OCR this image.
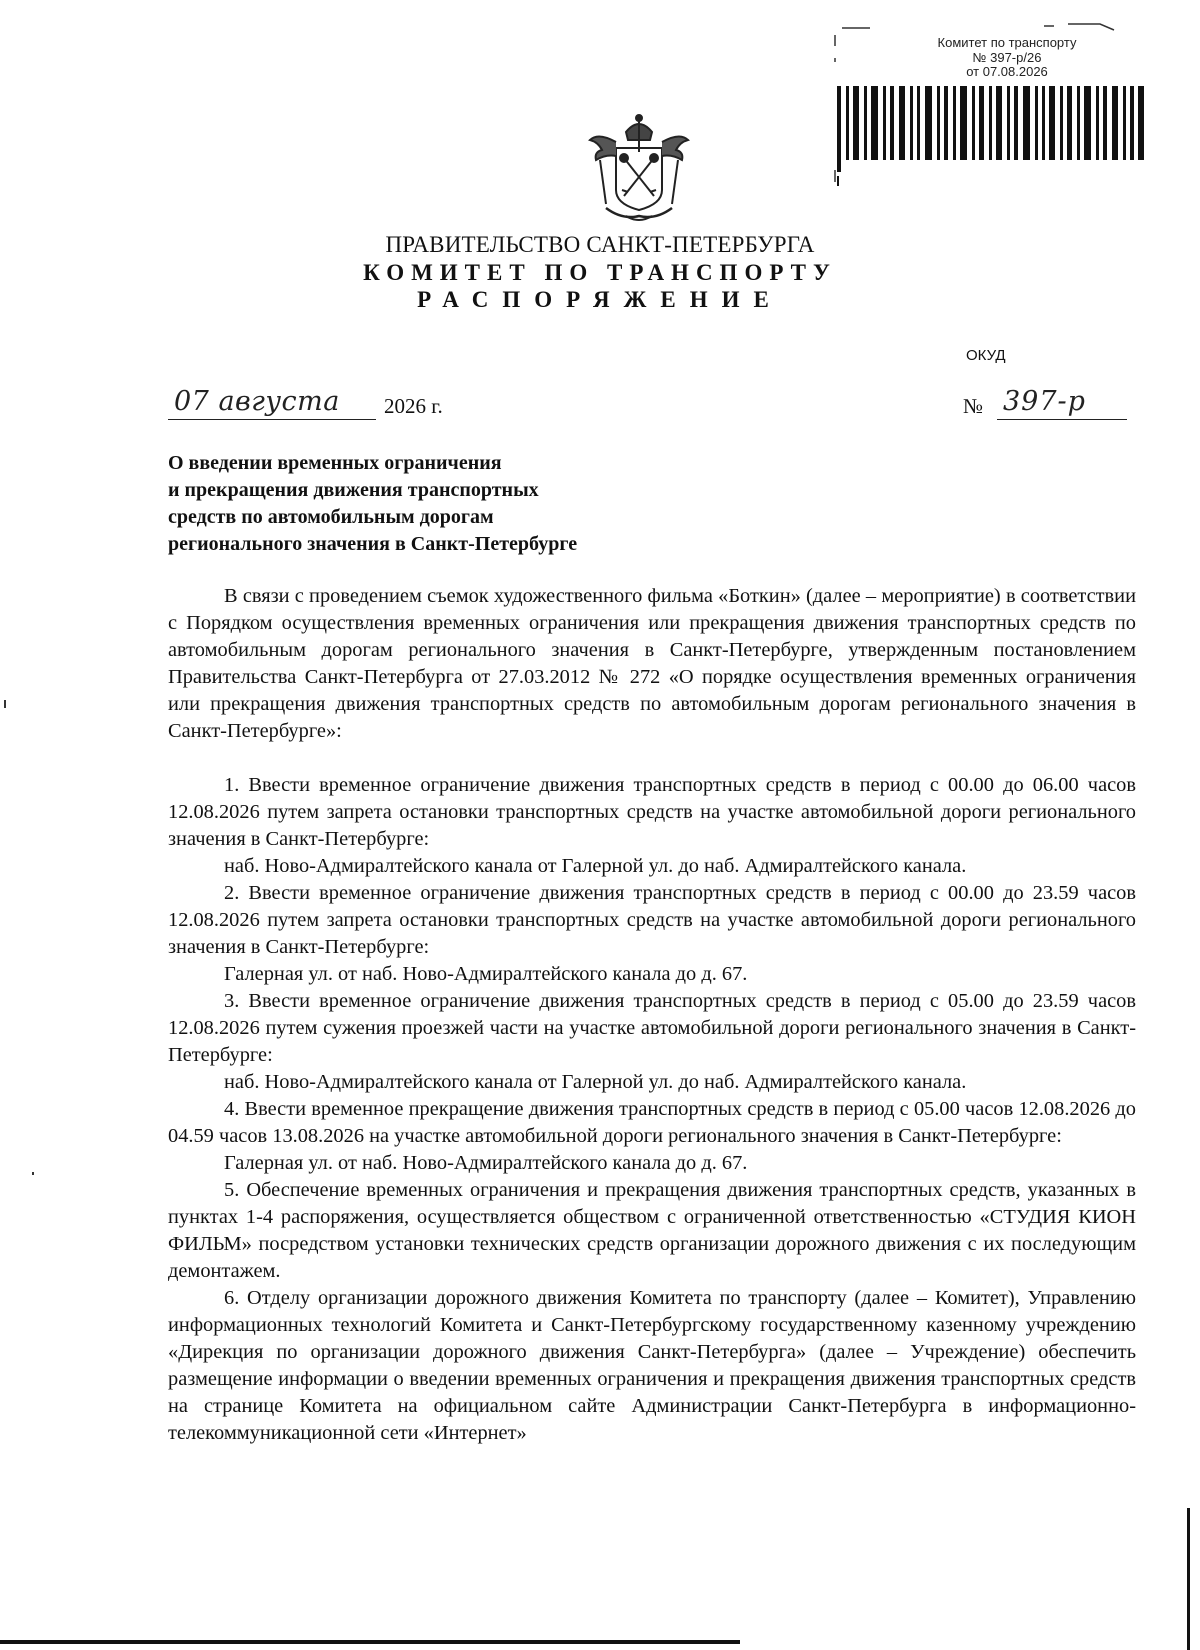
Комитет по транспорту
№ 397-р/26
от 07.08.2026
ПРАВИТЕЛЬСТВО САНКТ-ПЕТЕРБУРГА
КОМИТЕТ ПО ТРАНСПОРТУ
РАСПОРЯЖЕНИЕ
ОКУД
07 августа 2026 г.	№ 397-р
О введении временных ограничения
и прекращения движения транспортных
средств по автомобильным дорогам
регионального значения в Санкт-Петербурге

В связи с проведением съемок художественного фильма «Боткин» (далее – мероприятие) в соответствии с Порядком осуществления временных ограничения или прекращения движения транспортных средств по автомобильным дорогам регионального значения в Санкт-Петербурге, утвержденным постановлением Правительства Санкт-Петербурга от 27.03.2012 № 272 «О порядке осуществления временных ограничения или прекращения движения транспортных средств по автомобильным дорогам регионального значения в Санкт-Петербурге»:

1. Ввести временное ограничение движения транспортных средств в период с 00.00 до 06.00 часов 12.08.2026 путем запрета остановки транспортных средств на участке автомобильной дороги регионального значения в Санкт-Петербурге:

наб. Ново-Адмиралтейского канала от Галерной ул. до наб. Адмиралтейского канала.

2. Ввести временное ограничение движения транспортных средств в период с 00.00 до 23.59 часов 12.08.2026 путем запрета остановки транспортных средств на участке автомобильной дороги регионального значения в Санкт-Петербурге:

Галерная ул. от наб. Ново-Адмиралтейского канала до д. 67.

3. Ввести временное ограничение движения транспортных средств в период с 05.00 до 23.59 часов 12.08.2026 путем сужения проезжей части на участке автомобильной дороги регионального значения в Санкт-Петербурге:

наб. Ново-Адмиралтейского канала от Галерной ул. до наб. Адмиралтейского канала.

4. Ввести временное прекращение движения транспортных средств в период с 05.00 часов 12.08.2026 до 04.59 часов 13.08.2026 на участке автомобильной дороги регионального значения в Санкт-Петербурге:

Галерная ул. от наб. Ново-Адмиралтейского канала до д. 67.

5. Обеспечение временных ограничения и прекращения движения транспортных средств, указанных в пунктах 1-4 распоряжения, осуществляется обществом с ограниченной ответственностью «СТУДИЯ КИОН ФИЛЬМ» посредством установки технических средств организации дорожного движения с их последующим демонтажем.

6. Отделу организации дорожного движения Комитета по транспорту (далее – Комитет), Управлению информационных технологий Комитета и Санкт-Петербургскому государственному казенному учреждению «Дирекция по организации дорожного движения Санкт-Петербурга» (далее – Учреждение) обеспечить размещение информации о введении временных ограничения и прекращения движения транспортных средств на странице Комитета на официальном сайте Администрации Санкт-Петербурга в информационно-телекоммуникационной сети «Интернет»
